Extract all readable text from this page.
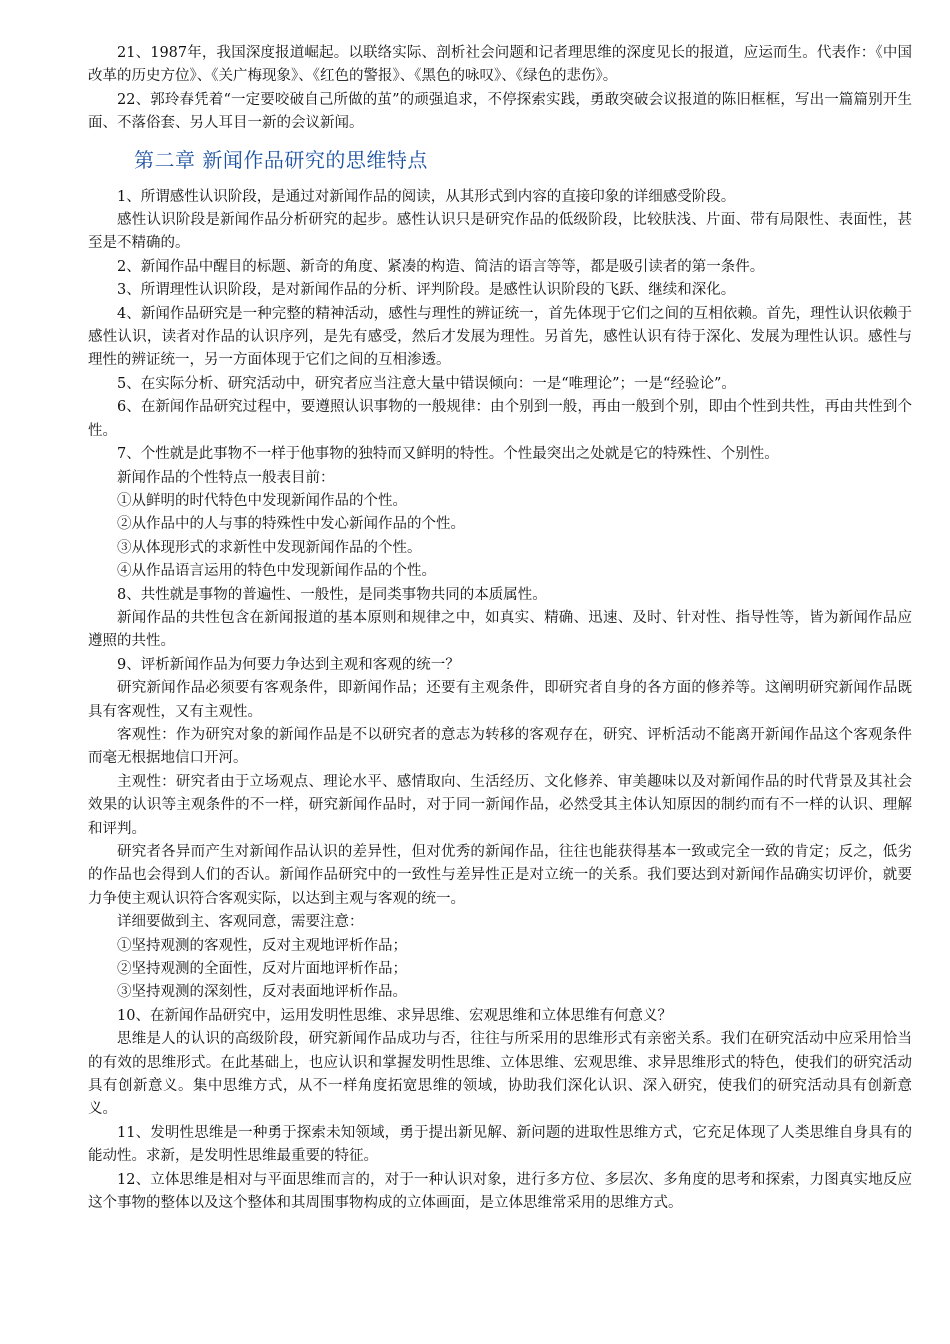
21、1987年，我国深度报道崛起。以联络实际、剖析社会问题和记者理思维的深度见长的报道，应运而生。代表作：《中国改革的历史方位》、《关广梅现象》、《红色的警报》、《黑色的咏叹》、《绿色的悲伤》。

22、郭玲春凭着“一定要咬破自己所做的茧”的顽强追求，不停探索实践，勇敢突破会议报道的陈旧框框，写出一篇篇别开生面、不落俗套、另人耳目一新的会议新闻。

第二章 新闻作品研究的思维特点

1、所谓感性认识阶段，是通过对新闻作品的阅读，从其形式到内容的直接印象的详细感受阶段。

感性认识阶段是新闻作品分析研究的起步。感性认识只是研究作品的低级阶段，比较肤浅、片面、带有局限性、表面性，甚至是不精确的。

2、新闻作品中醒目的标题、新奇的角度、紧凑的构造、简洁的语言等等，都是吸引读者的第一条件。

3、所谓理性认识阶段，是对新闻作品的分析、评判阶段。是感性认识阶段的飞跃、继续和深化。

4、新闻作品研究是一种完整的精神活动，感性与理性的辨证统一，首先体现于它们之间的互相依赖。首先，理性认识依赖于感性认识，读者对作品的认识序列，是先有感受，然后才发展为理性。另首先，感性认识有待于深化、发展为理性认识。感性与理性的辨证统一，另一方面体现于它们之间的互相渗透。

5、在实际分析、研究活动中，研究者应当注意大量中错误倾向：一是“唯理论”；一是“经验论”。

6、在新闻作品研究过程中，要遵照认识事物的一般规律：由个别到一般，再由一般到个别，即由个性到共性，再由共性到个性。

7、个性就是此事物不一样于他事物的独特而又鲜明的特性。个性最突出之处就是它的特殊性、个别性。

新闻作品的个性特点一般表目前：

①从鲜明的时代特色中发现新闻作品的个性。

②从作品中的人与事的特殊性中发心新闻作品的个性。

③从体现形式的求新性中发现新闻作品的个性。

④从作品语言运用的特色中发现新闻作品的个性。

8、共性就是事物的普遍性、一般性，是同类事物共同的本质属性。

新闻作品的共性包含在新闻报道的基本原则和规律之中，如真实、精确、迅速、及时、针对性、指导性等，皆为新闻作品应遵照的共性。

9、评析新闻作品为何要力争达到主观和客观的统一？

研究新闻作品必须要有客观条件，即新闻作品；还要有主观条件，即研究者自身的各方面的修养等。这阐明研究新闻作品既具有客观性，又有主观性。

客观性：作为研究对象的新闻作品是不以研究者的意志为转移的客观存在，研究、评析活动不能离开新闻作品这个客观条件而毫无根据地信口开河。

主观性：研究者由于立场观点、理论水平、感情取向、生活经历、文化修养、审美趣味以及对新闻作品的时代背景及其社会效果的认识等主观条件的不一样，研究新闻作品时，对于同一新闻作品，必然受其主体认知原因的制约而有不一样的认识、理解和评判。

研究者各异而产生对新闻作品认识的差异性，但对优秀的新闻作品，往往也能获得基本一致或完全一致的肯定；反之，低劣的作品也会得到人们的否认。新闻作品研究中的一致性与差异性正是对立统一的关系。我们要达到对新闻作品确实切评价，就要力争使主观认识符合客观实际，以达到主观与客观的统一。

详细要做到主、客观同意，需要注意：

①坚持观测的客观性，反对主观地评析作品；

②坚持观测的全面性，反对片面地评析作品；

③坚持观测的深刻性，反对表面地评析作品。

10、在新闻作品研究中，运用发明性思维、求异思维、宏观思维和立体思维有何意义？

思维是人的认识的高级阶段，研究新闻作品成功与否，往往与所采用的思维形式有亲密关系。我们在研究活动中应采用恰当的有效的思维形式。在此基础上，也应认识和掌握发明性思维、立体思维、宏观思维、求异思维形式的特色，使我们的研究活动具有创新意义。集中思维方式，从不一样角度拓宽思维的领域，协助我们深化认识、深入研究，使我们的研究活动具有创新意义。

11、发明性思维是一种勇于探索未知领域，勇于提出新见解、新问题的进取性思维方式，它充足体现了人类思维自身具有的能动性。求新，是发明性思维最重要的特征。

12、立体思维是相对与平面思维而言的，对于一种认识对象，进行多方位、多层次、多角度的思考和探索，力图真实地反应这个事物的整体以及这个整体和其周围事物构成的立体画面，是立体思维常采用的思维方式。
